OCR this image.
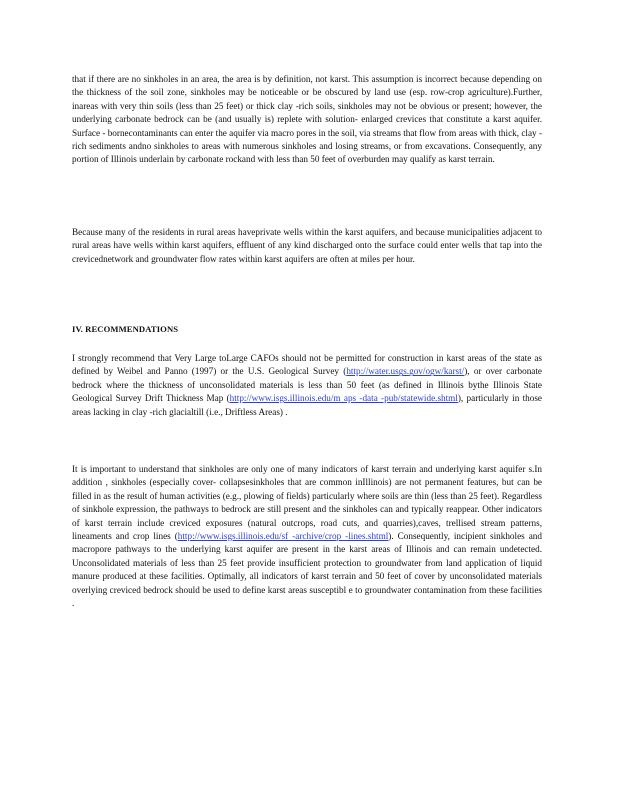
that if there are no sinkholes in an area, the area is by definition, not karst. This assumption is incorrect because depending on the thickness of the soil zone, sinkholes may be noticeable or be obscured by land use (esp. row-crop agriculture).Further, inareas with very thin soils (less than 25 feet) or thick clay -rich soils, sinkholes may not be obvious or present; however, the underlying carbonate bedrock can be (and usually is) replete with solution- enlarged crevices that constitute a karst aquifer. Surface - bornecontaminants can enter the aquifer via macro pores in the soil, via streams that flow from areas with thick, clay -rich sediments andno sinkholes to areas with numerous sinkholes and losing streams, or from excavations. Consequently, any portion of Illinois underlain by carbonate rockand with less than 50 feet of overburden may qualify as karst terrain.

Because many of the residents in rural areas haveprivate wells within the karst aquifers, and because municipalities adjacent to rural areas have wells within karst aquifers, effluent of any kind discharged onto the surface could enter wells that tap into the crevicednetwork and groundwater flow rates within karst aquifers are often at miles per hour.

IV. RECOMMENDATIONS

I strongly recommend that Very Large toLarge CAFOs should not be permitted for construction in karst areas of the state as defined by Weibel and Panno (1997) or the U.S. Geological Survey (http://water.usgs.gov/ogw/karst/), or over carbonate bedrock where the thickness of unconsolidated materials is less than 50 feet (as defined in Illinois bythe Illinois State Geological Survey Drift Thickness Map (http://www.isgs.illinois.edu/m aps -data -pub/statewide.shtml), particularly in those areas lacking in clay -rich glacialtill (i.e., Driftless Areas) .

It is important to understand that sinkholes are only one of many indicators of karst terrain and underlying karst aquifer s.In addition , sinkholes (especially cover- collapsesinkholes that are common inIllinois) are not permanent features, but can be filled in as the result of human activities (e.g., plowing of fields) particularly where soils are thin (less than 25 feet). Regardless of sinkhole expression, the pathways to bedrock are still present and the sinkholes can and typically reappear. Other indicators of karst terrain include creviced exposures (natural outcrops, road cuts, and quarries),caves, trellised stream patterns, lineaments and crop lines (http://www.isgs.illinois.edu/sf -archive/crop -lines.shtml). Consequently, incipient sinkholes and macropore pathways to the underlying karst aquifer are present in the karst areas of Illinois and can remain undetected. Unconsolidated materials of less than 25 feet provide insufficient protection to groundwater from land application of liquid manure produced at these facilities. Optimally, all indicators of karst terrain and 50 feet of cover by unconsolidated materials overlying creviced bedrock should be used to define karst areas susceptibl e to groundwater contamination from these facilities .
